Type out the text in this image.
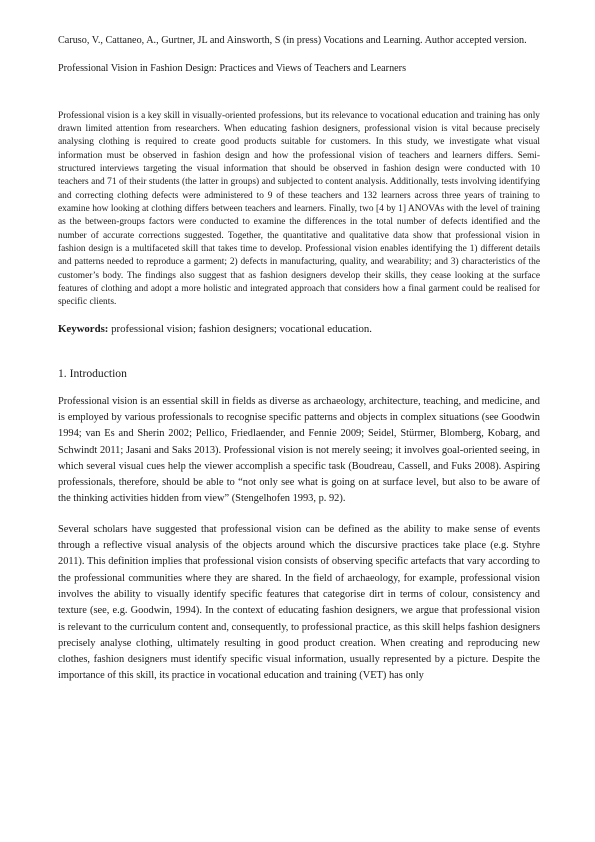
Caruso, V., Cattaneo, A., Gurtner, JL and Ainsworth, S (in press) Vocations and Learning. Author accepted version.

Professional Vision in Fashion Design: Practices and Views of Teachers and Learners

Professional vision is a key skill in visually-oriented professions, but its relevance to vocational education and training has only drawn limited attention from researchers. When educating fashion designers, professional vision is vital because precisely analysing clothing is required to create good products suitable for customers. In this study, we investigate what visual information must be observed in fashion design and how the professional vision of teachers and learners differs. Semi-structured interviews targeting the visual information that should be observed in fashion design were conducted with 10 teachers and 71 of their students (the latter in groups) and subjected to content analysis. Additionally, tests involving identifying and correcting clothing defects were administered to 9 of these teachers and 132 learners across three years of training to examine how looking at clothing differs between teachers and learners. Finally, two [4 by 1] ANOVAs with the level of training as the between-groups factors were conducted to examine the differences in the total number of defects identified and the number of accurate corrections suggested. Together, the quantitative and qualitative data show that professional vision in fashion design is a multifaceted skill that takes time to develop. Professional vision enables identifying the 1) different details and patterns needed to reproduce a garment; 2) defects in manufacturing, quality, and wearability; and 3) characteristics of the customer’s body. The findings also suggest that as fashion designers develop their skills, they cease looking at the surface features of clothing and adopt a more holistic and integrated approach that considers how a final garment could be realised for specific clients.

Keywords: professional vision; fashion designers; vocational education.

1. Introduction

Professional vision is an essential skill in fields as diverse as archaeology, architecture, teaching, and medicine, and is employed by various professionals to recognise specific patterns and objects in complex situations (see Goodwin 1994; van Es and Sherin 2002; Pellico, Friedlaender, and Fennie 2009; Seidel, Stürmer, Blomberg, Kobarg, and Schwindt 2011; Jasani and Saks 2013). Professional vision is not merely seeing; it involves goal-oriented seeing, in which several visual cues help the viewer accomplish a specific task (Boudreau, Cassell, and Fuks 2008). Aspiring professionals, therefore, should be able to “not only see what is going on at surface level, but also to be aware of the thinking activities hidden from view” (Stengelhofen 1993, p. 92).

Several scholars have suggested that professional vision can be defined as the ability to make sense of events through a reflective visual analysis of the objects around which the discursive practices take place (e.g. Styhre 2011). This definition implies that professional vision consists of observing specific artefacts that vary according to the professional communities where they are shared. In the field of archaeology, for example, professional vision involves the ability to visually identify specific features that categorise dirt in terms of colour, consistency and texture (see, e.g. Goodwin, 1994). In the context of educating fashion designers, we argue that professional vision is relevant to the curriculum content and, consequently, to professional practice, as this skill helps fashion designers precisely analyse clothing, ultimately resulting in good product creation. When creating and reproducing new clothes, fashion designers must identify specific visual information, usually represented by a picture. Despite the importance of this skill, its practice in vocational education and training (VET) has only
